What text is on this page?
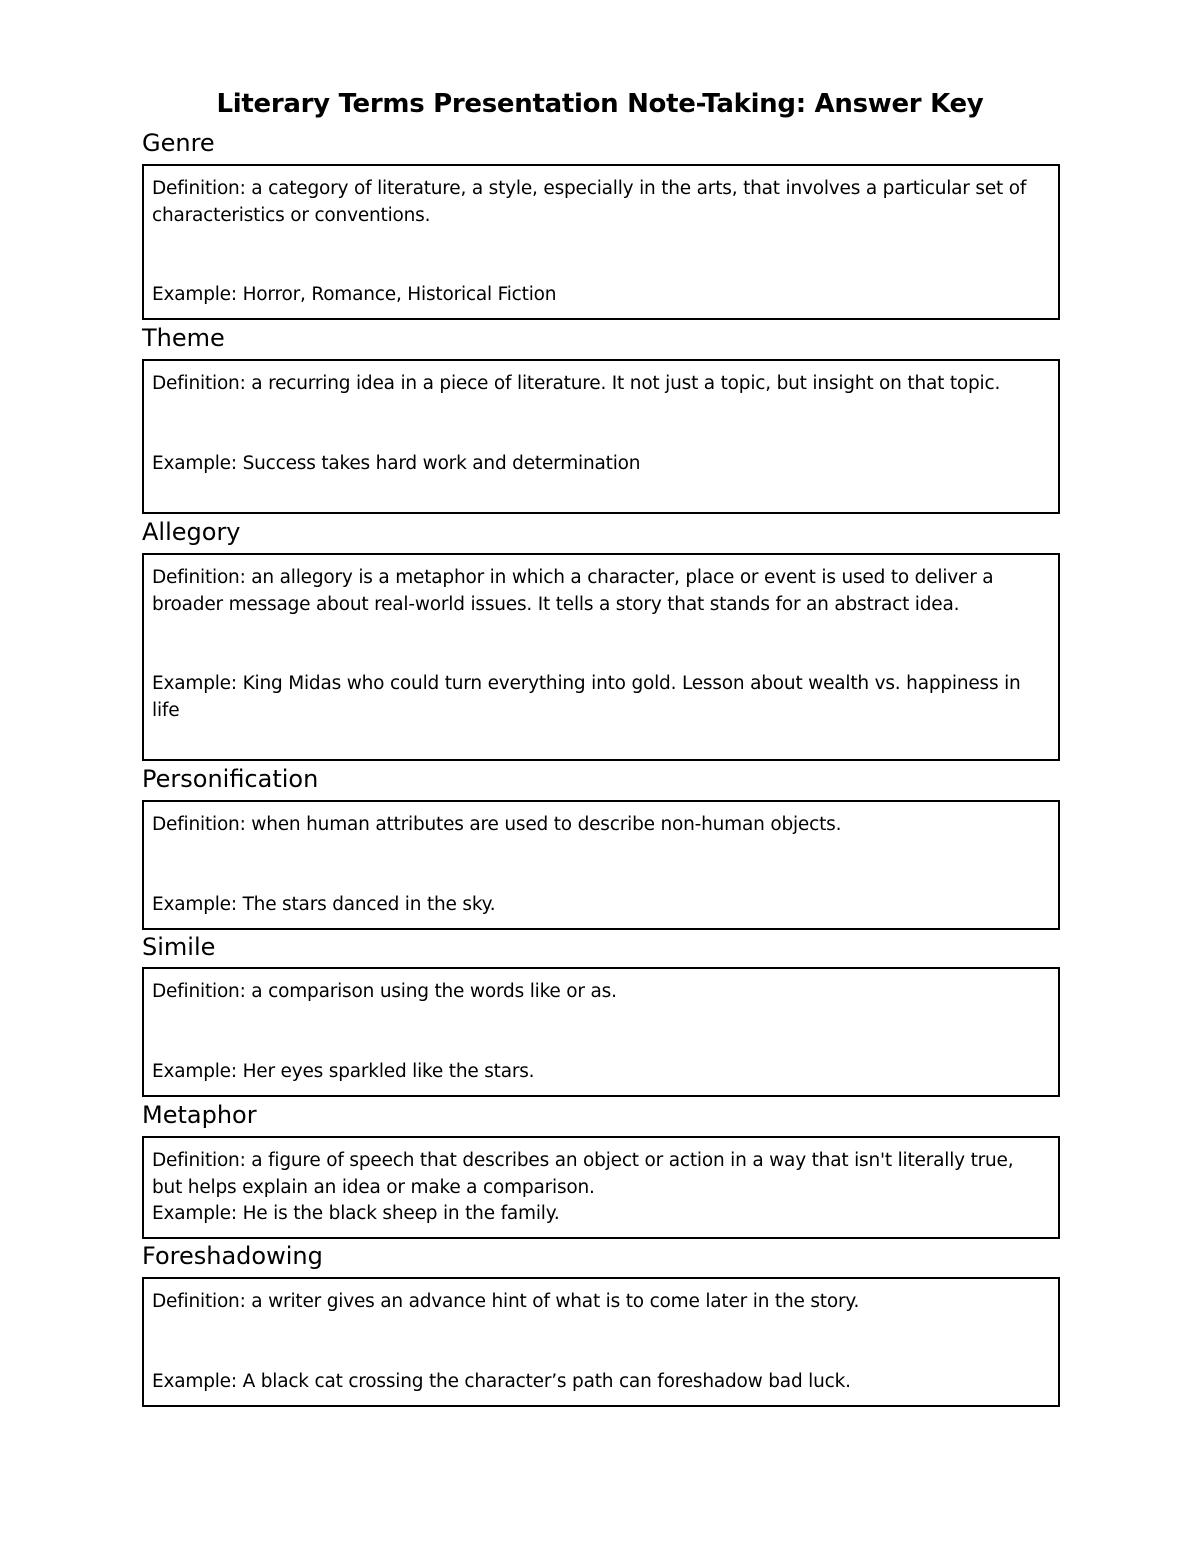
Literary Terms Presentation Note-Taking: Answer Key
Genre

Definition: a category of literature, a style, especially in the arts, that involves a particular set of characteristics or conventions.

Example: Horror, Romance, Historical Fiction

Theme

Definition: a recurring idea in a piece of literature. It not just a topic, but insight on that topic.

Example: Success takes hard work and determination

Allegory

Definition: an allegory is a metaphor in which a character, place or event is used to deliver a broader message about real-world issues. It tells a story that stands for an abstract idea.

Example: King Midas who could turn everything into gold. Lesson about wealth vs. happiness in life

Personification

Definition: when human attributes are used to describe non-human objects.

Example: The stars danced in the sky.

Simile

Definition: a comparison using the words like or as.

Example: Her eyes sparkled like the stars.

Metaphor

Definition: a figure of speech that describes an object or action in a way that isn't literally true, but helps explain an idea or make a comparison.

Example: He is the black sheep in the family.

Foreshadowing

Definition: a writer gives an advance hint of what is to come later in the story.

Example: A black cat crossing the character’s path can foreshadow bad luck.
